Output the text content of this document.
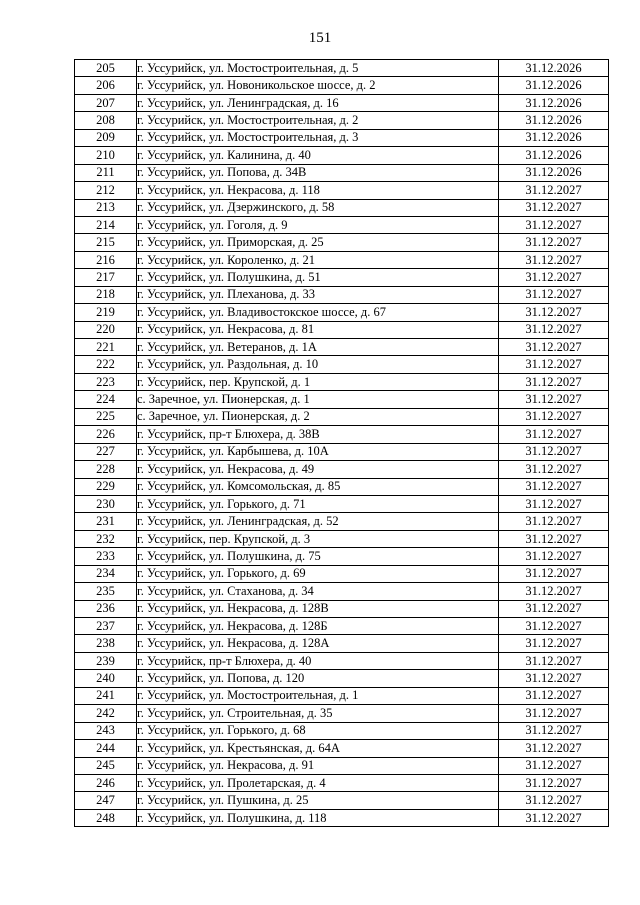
151
205	г. Уссурийск, ул. Мостостроительная, д. 5	31.12.2026
206	г. Уссурийск, ул. Новоникольское шоссе, д. 2	31.12.2026
207	г. Уссурийск, ул. Ленинградская, д. 16	31.12.2026
208	г. Уссурийск, ул. Мостостроительная, д. 2	31.12.2026
209	г. Уссурийск, ул. Мостостроительная, д. 3	31.12.2026
210	г. Уссурийск, ул. Калинина, д. 40	31.12.2026
211	г. Уссурийск, ул. Попова, д. 34В	31.12.2026
212	г. Уссурийск, ул. Некрасова, д. 118	31.12.2027
213	г. Уссурийск, ул. Дзержинского, д. 58	31.12.2027
214	г. Уссурийск, ул. Гоголя, д. 9	31.12.2027
215	г. Уссурийск, ул. Приморская, д. 25	31.12.2027
216	г. Уссурийск, ул. Короленко, д. 21	31.12.2027
217	г. Уссурийск, ул. Полушкина, д. 51	31.12.2027
218	г. Уссурийск, ул. Плеханова, д. 33	31.12.2027
219	г. Уссурийск, ул. Владивостокское шоссе, д. 67	31.12.2027
220	г. Уссурийск, ул. Некрасова, д. 81	31.12.2027
221	г. Уссурийск, ул. Ветеранов, д. 1А	31.12.2027
222	г. Уссурийск, ул. Раздольная, д. 10	31.12.2027
223	г. Уссурийск, пер. Крупской, д. 1	31.12.2027
224	с. Заречное, ул. Пионерская, д. 1	31.12.2027
225	с. Заречное, ул. Пионерская, д. 2	31.12.2027
226	г. Уссурийск, пр-т Блюхера, д. 38В	31.12.2027
227	г. Уссурийск, ул. Карбышева, д. 10А	31.12.2027
228	г. Уссурийск, ул. Некрасова, д. 49	31.12.2027
229	г. Уссурийск, ул. Комсомольская, д. 85	31.12.2027
230	г. Уссурийск, ул. Горького, д. 71	31.12.2027
231	г. Уссурийск, ул. Ленинградская, д. 52	31.12.2027
232	г. Уссурийск, пер. Крупской, д. 3	31.12.2027
233	г. Уссурийск, ул. Полушкина, д. 75	31.12.2027
234	г. Уссурийск, ул. Горького, д. 69	31.12.2027
235	г. Уссурийск, ул. Стаханова, д. 34	31.12.2027
236	г. Уссурийск, ул. Некрасова, д. 128В	31.12.2027
237	г. Уссурийск, ул. Некрасова, д. 128Б	31.12.2027
238	г. Уссурийск, ул. Некрасова, д. 128А	31.12.2027
239	г. Уссурийск, пр-т Блюхера, д. 40	31.12.2027
240	г. Уссурийск, ул. Попова, д. 120	31.12.2027
241	г. Уссурийск, ул. Мостостроительная, д. 1	31.12.2027
242	г. Уссурийск, ул. Строительная, д. 35	31.12.2027
243	г. Уссурийск, ул. Горького, д. 68	31.12.2027
244	г. Уссурийск, ул. Крестьянская, д. 64А	31.12.2027
245	г. Уссурийск, ул. Некрасова, д. 91	31.12.2027
246	г. Уссурийск, ул. Пролетарская, д. 4	31.12.2027
247	г. Уссурийск, ул. Пушкина, д. 25	31.12.2027
248	г. Уссурийск, ул. Полушкина, д. 118	31.12.2027
